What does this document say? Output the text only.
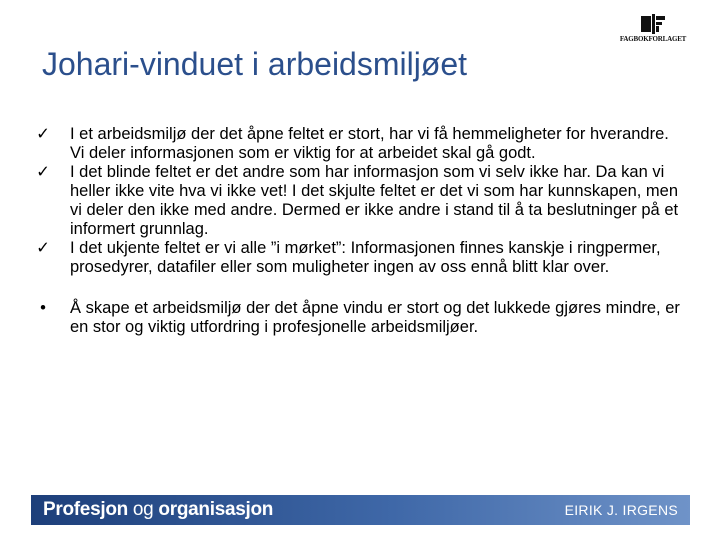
FAGBOKFORLAGET
Johari-vinduet i arbeidsmiljøet
✓	I et arbeidsmiljø der det åpne feltet er stort, har vi få hemmeligheter for hverandre. Vi deler informasjonen som er viktig for at arbeidet skal gå godt.
✓	I det blinde feltet er det andre som har informasjon som vi selv ikke har. Da kan vi heller ikke vite hva vi ikke vet! I det skjulte feltet er det vi som har kunnskapen, men vi deler den ikke med andre. Dermed er ikke andre i stand til å ta beslutninger på et informert grunnlag.
✓	I det ukjente feltet er vi alle ”i mørket”: Informasjonen finnes kanskje i ringpermer, prosedyrer, datafiler eller som muligheter ingen av oss ennå blitt klar over.
•	Å skape et arbeidsmiljø der det åpne vindu er stort og det lukkede gjøres mindre, er en stor og viktig utfordring i profesjonelle arbeidsmiljøer.
Profesjon og organisasjon	EIRIK J. IRGENS
